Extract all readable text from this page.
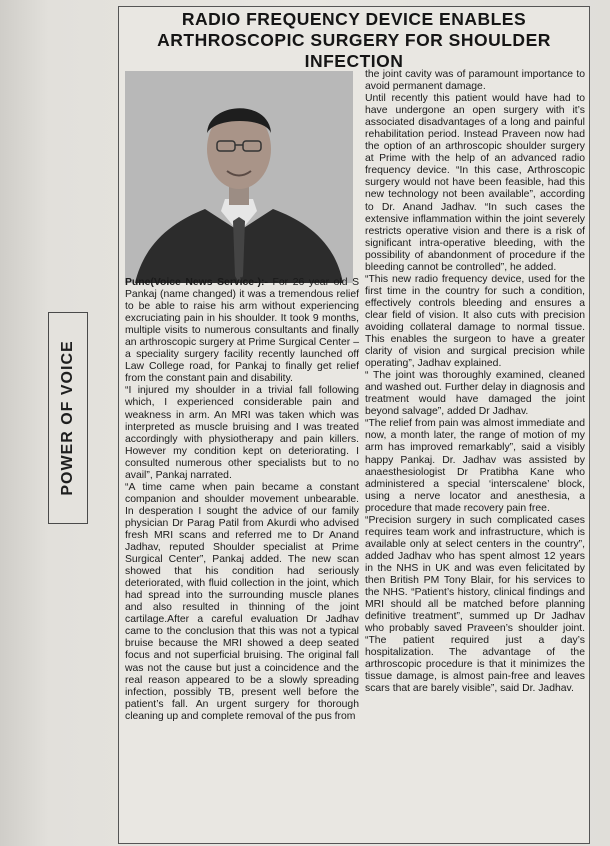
POWER OF VOICE
RADIO FREQUENCY DEVICE ENABLES ARTHROSCOPIC SURGERY FOR SHOULDER INFECTION

Pune(Voice News Service-):- For 26 year old S Pankaj (name changed) it was a tremendous relief to be able to raise his arm without experiencing excruciating pain in his shoulder. It took 9 months, multiple visits to numerous consultants and finally an arthroscopic surgery at Prime Surgical Center – a speciality surgery facility recently launched off Law College road, for Pankaj to finally get relief from the constant pain and disability.

“I injured my shoulder in a trivial fall following which, I experienced considerable pain and weakness in arm. An MRI was taken which was interpreted as muscle bruising and I was treated accordingly with physiotherapy and pain killers. However my condition kept on deteriorating. I consulted numerous other specialists but to no avail”, Pankaj narrated.

“A time came when pain became a constant companion and shoulder movement unbearable. In desperation I sought the advice of our family physician Dr Parag Patil from Akurdi who advised fresh MRI scans and referred me to Dr Anand Jadhav, reputed Shoulder specialist at Prime Surgical Center”, Pankaj added. The new scan showed that his condition had seriously deteriorated, with fluid collection in the joint, which had spread into the surrounding muscle planes and also resulted in thinning of the joint cartilage.After a careful evaluation Dr Jadhav came to the conclusion that this was not a typical bruise because the MRI showed a deep seated focus and not superficial bruising. The original fall was not the cause but just a coincidence and the real reason appeared to be a slowly spreading infection, possibly TB, present well before the patient’s fall. An urgent surgery for thorough cleaning up and complete removal of the pus from

the joint cavity was of paramount importance to avoid permanent damage.

Until recently this patient would have had to have undergone an open surgery with it’s associated disadvantages of a long and painful rehabilitation period. Instead Praveen now had the option of an arthroscopic shoulder surgery at Prime with the help of an advanced radio frequency device. “In this case, Arthroscopic surgery would not have been feasible, had this new technology not been available”, according to Dr. Anand Jadhav. “In such cases the extensive inflammation within the joint severely restricts operative vision and there is a risk of significant intra-operative bleeding, with the possibility of abandonment of procedure if the bleeding cannot be controlled”, he added.

“This new radio frequency device, used for the first time in the country for such a condition, effectively controls bleeding and ensures a clear field of vision. It also cuts with precision avoiding collateral damage to normal tissue. This enables the surgeon to have a greater clarity of vision and surgical precision while operating”, Jadhav explained.

“ The joint was thoroughly examined, cleaned and washed out. Further delay in diagnosis and treatment would have damaged the joint beyond salvage”, added Dr Jadhav.

“The relief from pain was almost immediate and now, a month later, the range of motion of my arm has improved remarkably”, said a visibly happy Pankaj. Dr. Jadhav was assisted by anaesthesiologist Dr Pratibha Kane who administered a special ‘interscalene’ block, using a nerve locator and anesthesia, a procedure that made recovery pain free.

“Precision surgery in such complicated cases requires team work and infrastructure, which is available only at select centers in the country”, added Jadhav who has spent almost 12 years in the NHS in UK and was even felicitated by then British PM Tony Blair, for his services to the NHS. “Patient’s history, clinical findings and MRI should all be matched before planning definitive treatment”, summed up Dr Jadhav who probably saved Praveen’s shoulder joint. “The patient required just a day’s hospitalization. The advantage of the arthroscopic procedure is that it minimizes the tissue damage, is almost pain-free and leaves scars that are barely visible”, said Dr. Jadhav.
